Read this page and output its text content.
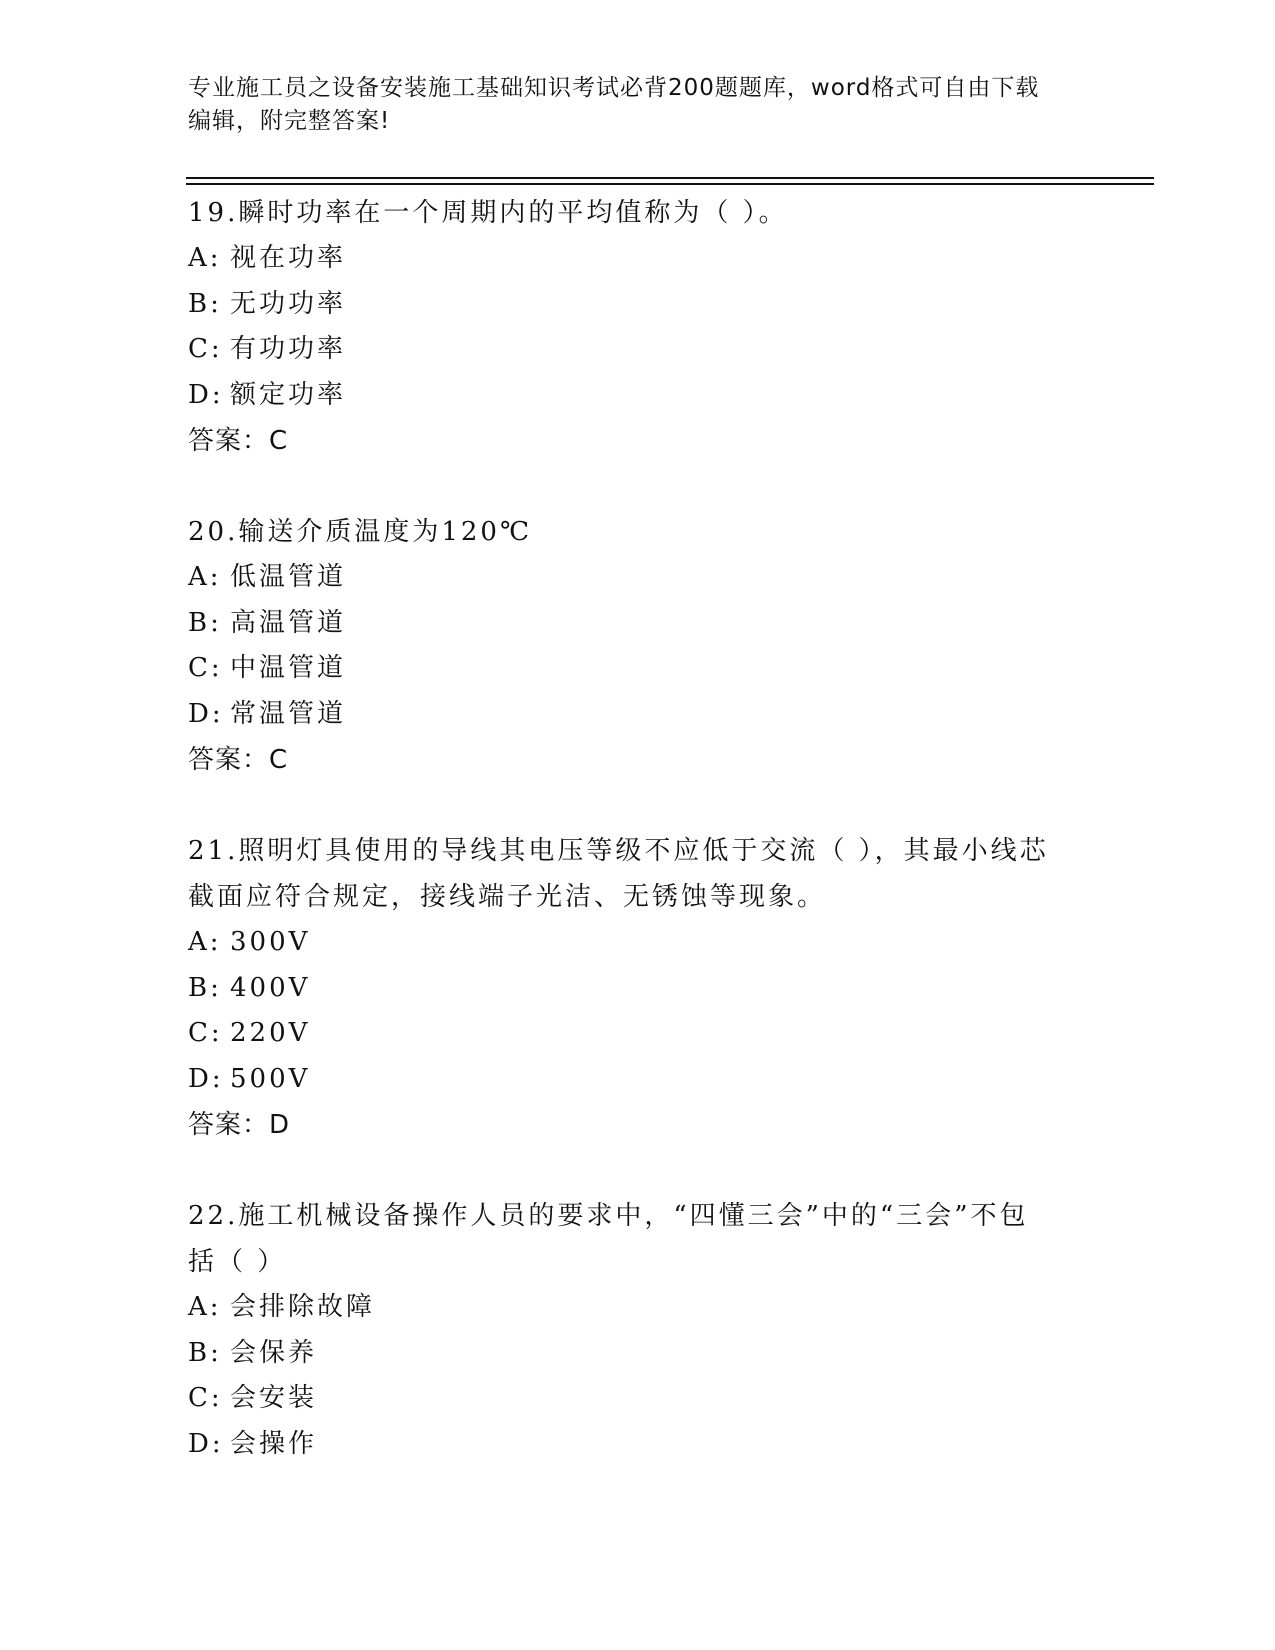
专业施工员之设备安装施工基础知识考试必背200题题库，word格式可自由下载
编辑，附完整答案!
19.瞬时功率在一个周期内的平均值称为（ ）。
A: 视在功率
B: 无功功率
C: 有功功率
D: 额定功率
答案：C
20.输送介质温度为120℃
A: 低温管道
B: 高温管道
C: 中温管道
D: 常温管道
答案：C
21.照明灯具使用的导线其电压等级不应低于交流（ ），其最小线芯
截面应符合规定，接线端子光洁、无锈蚀等现象。
A: 300V
B: 400V
C: 220V
D: 500V
答案：D
22.施工机械设备操作人员的要求中，“四懂三会”中的“三会”不包
括（ ）
A: 会排除故障
B: 会保养
C: 会安装
D: 会操作
